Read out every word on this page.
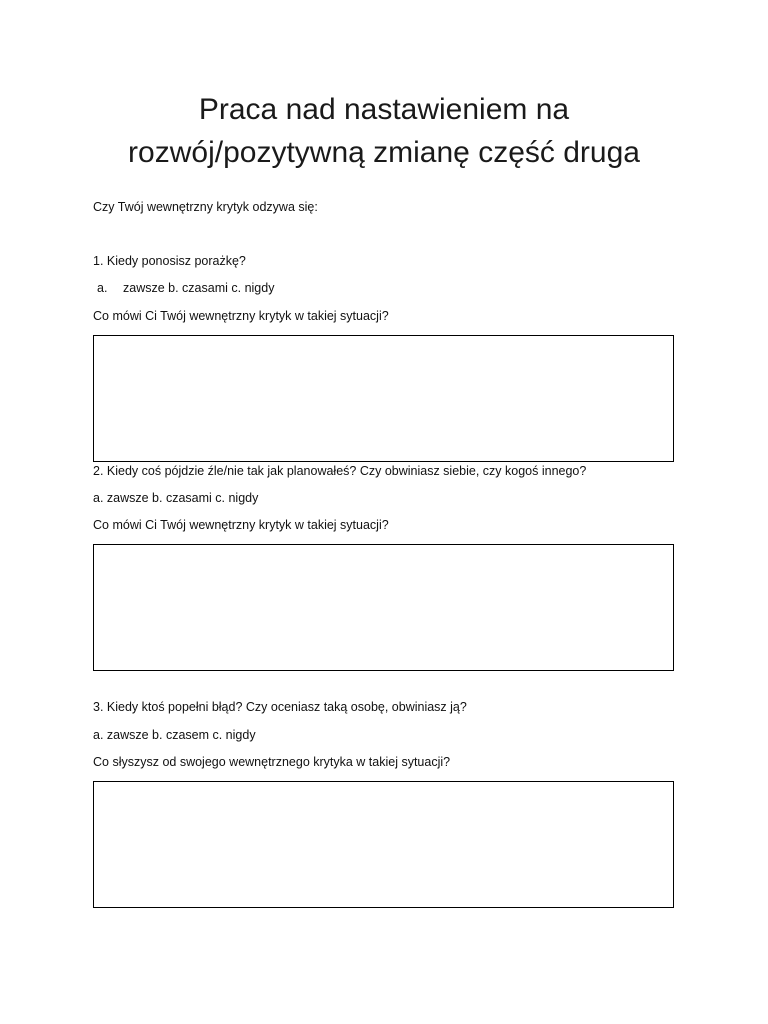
Praca nad nastawieniem na
rozwój/pozytywną zmianę część druga
Czy Twój wewnętrzny krytyk odzywa się:
1. Kiedy ponosisz porażkę?
a. zawsze b. czasami c. nigdy
Co mówi Ci Twój wewnętrzny krytyk w takiej sytuacji?
2. Kiedy coś pójdzie źle/nie tak jak planowałeś? Czy obwiniasz siebie, czy kogoś innego?
a. zawsze b. czasami c. nigdy
Co mówi Ci Twój wewnętrzny krytyk w takiej sytuacji?
3. Kiedy ktoś popełni błąd? Czy oceniasz taką osobę, obwiniasz ją?
a. zawsze b. czasem c. nigdy
Co słyszysz od swojego wewnętrznego krytyka w takiej sytuacji?
